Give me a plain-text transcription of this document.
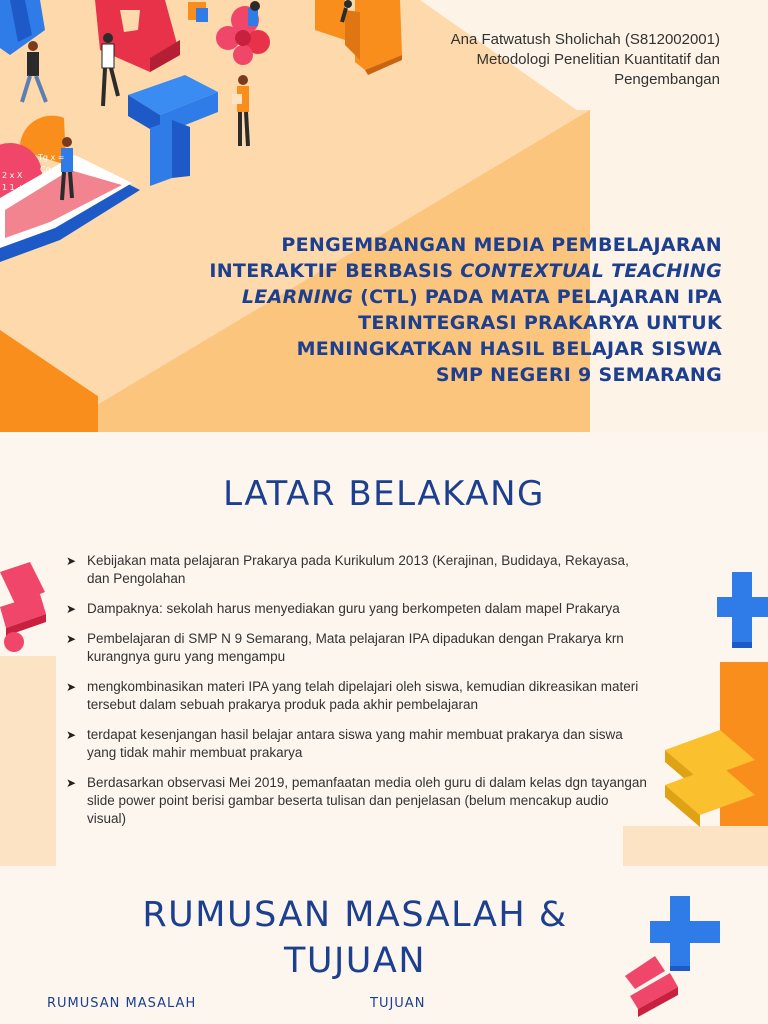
Tg x =
Cg x
2 x X
1 1 + y
Ana Fatwatush Sholichah (S812002001)
Metodologi Penelitian Kuantitatif dan
Pengembangan
PENGEMBANGAN MEDIA PEMBELAJARAN
INTERAKTIF BERBASIS CONTEXTUAL TEACHING
LEARNING (CTL) PADA MATA PELAJARAN IPA
TERINTEGRASI PRAKARYA UNTUK
MENINGKATKAN HASIL BELAJAR SISWA
SMP NEGERI 9 SEMARANG
LATAR BELAKANG
➤ Kebijakan mata pelajaran Prakarya pada Kurikulum 2013 (Kerajinan, Budidaya, Rekayasa,
dan Pengolahan
➤ Dampaknya: sekolah harus menyediakan guru yang berkompeten dalam mapel Prakarya
➤ Pembelajaran di SMP N 9 Semarang, Mata pelajaran IPA dipadukan dengan Prakarya krn
kurangnya guru yang mengampu
➤ mengkombinasikan materi IPA yang telah dipelajari oleh siswa, kemudian dikreasikan materi
tersebut dalam sebuah prakarya produk pada akhir pembelajaran
➤ terdapat kesenjangan hasil belajar antara siswa yang mahir membuat prakarya dan siswa
yang tidak mahir membuat prakarya
➤ Berdasarkan observasi Mei 2019, pemanfaatan media oleh guru di dalam kelas dgn tayangan
slide power point berisi gambar beserta tulisan dan penjelasan (belum mencakup audio
visual)
RUMUSAN MASALAH &
TUJUAN
RUMUSAN MASALAH	TUJUAN
